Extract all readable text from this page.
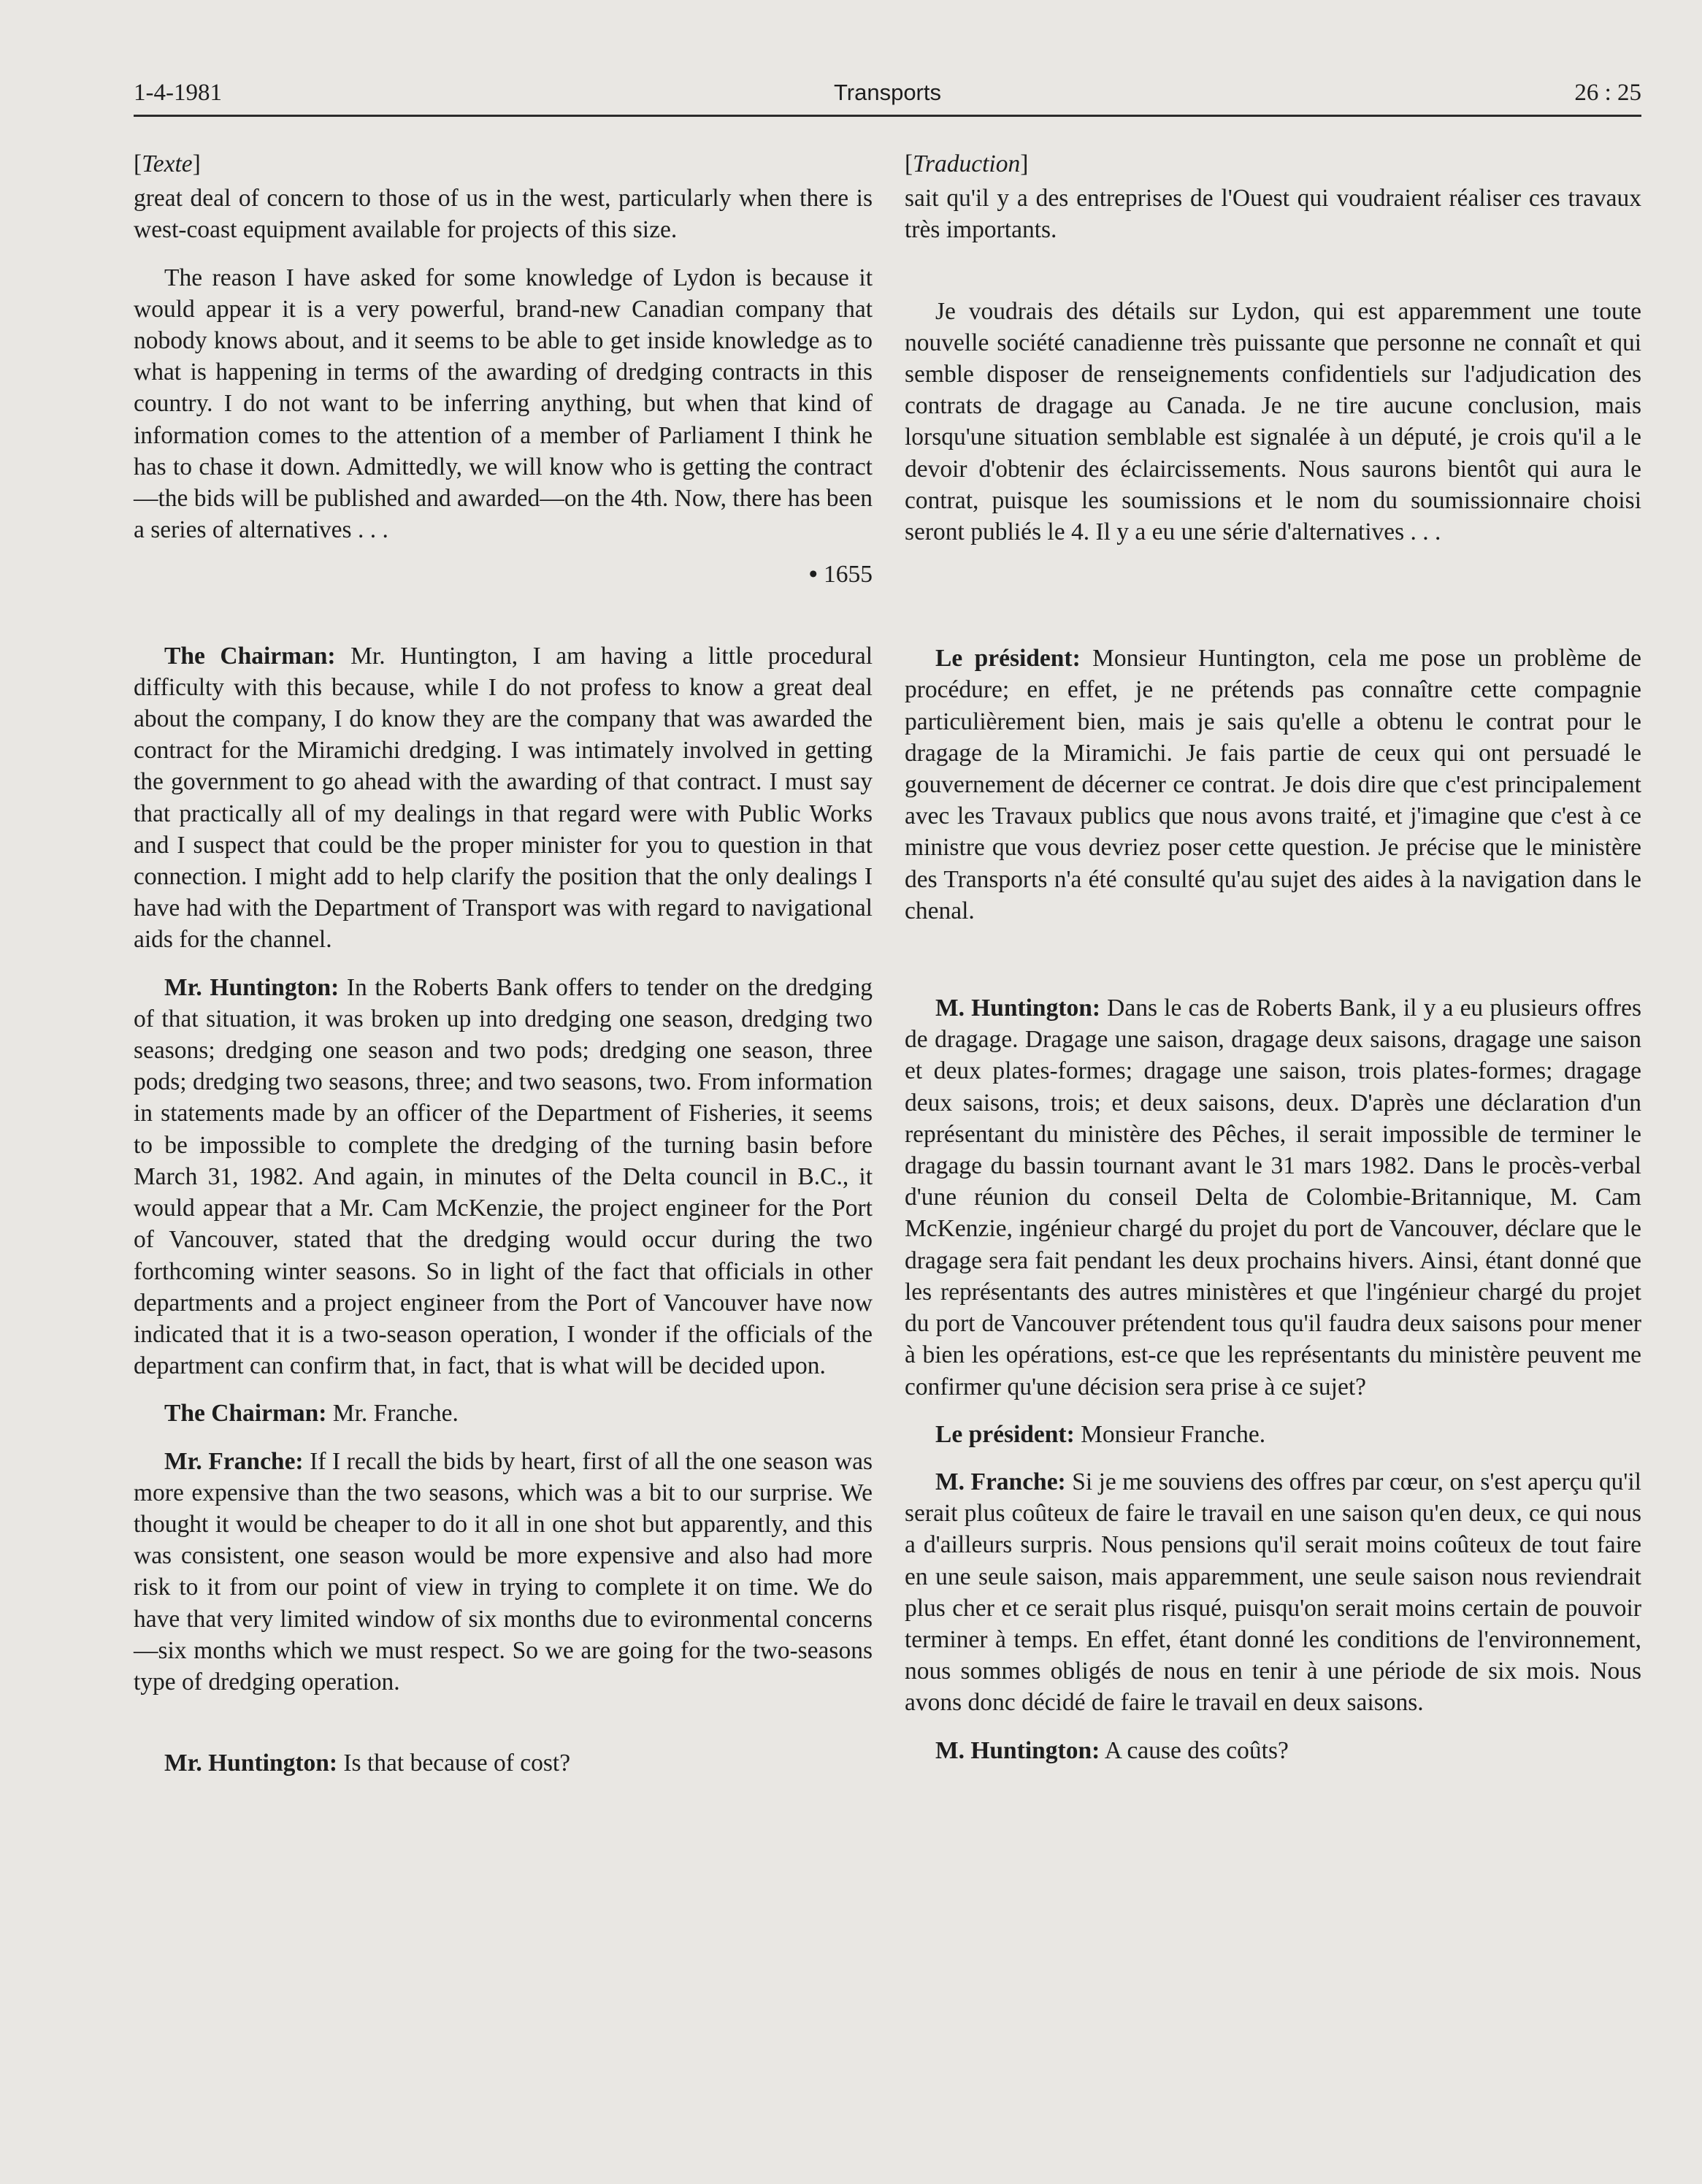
1-4-1981	Transports	26 : 25
[ Texte ]

great deal of concern to those of us in the west, particularly when there is west-coast equipment available for projects of this size.

The reason I have asked for some knowledge of Lydon is because it would appear it is a very powerful, brand-new Canadian company that nobody knows about, and it seems to be able to get inside knowledge as to what is happening in terms of the awarding of dredging contracts in this country. I do not want to be inferring anything, but when that kind of information comes to the attention of a member of Parliament I think he has to chase it down. Admittedly, we will know who is getting the contract—the bids will be published and awarded—on the 4th. Now, there has been a series of alternatives . . .

• 1655

The Chairman: Mr. Huntington, I am having a little procedural difficulty with this because, while I do not profess to know a great deal about the company, I do know they are the company that was awarded the contract for the Miramichi dredging. I was intimately involved in getting the government to go ahead with the awarding of that contract. I must say that practically all of my dealings in that regard were with Public Works and I suspect that could be the proper minister for you to question in that connection. I might add to help clarify the position that the only dealings I have had with the Department of Transport was with regard to navigational aids for the channel.

Mr. Huntington: In the Roberts Bank offers to tender on the dredging of that situation, it was broken up into dredging one season, dredging two seasons; dredging one season and two pods; dredging one season, three pods; dredging two seasons, three; and two seasons, two. From information in statements made by an officer of the Department of Fisheries, it seems to be impossible to complete the dredging of the turning basin before March 31, 1982. And again, in minutes of the Delta council in B.C., it would appear that a Mr. Cam McKenzie, the project engineer for the Port of Vancouver, stated that the dredging would occur during the two forthcoming winter seasons. So in light of the fact that officials in other departments and a project engineer from the Port of Vancouver have now indicated that it is a two-season operation, I wonder if the officials of the department can confirm that, in fact, that is what will be decided upon.

The Chairman: Mr. Franche.

Mr. Franche: If I recall the bids by heart, first of all the one season was more expensive than the two seasons, which was a bit to our surprise. We thought it would be cheaper to do it all in one shot but apparently, and this was consistent, one season would be more expensive and also had more risk to it from our point of view in trying to complete it on time. We do have that very limited window of six months due to evironmental concerns—six months which we must respect. So we are going for the two-seasons type of dredging operation.

Mr. Huntington: Is that because of cost?

[ Traduction ]

sait qu'il y a des entreprises de l'Ouest qui voudraient réaliser ces travaux très importants.

Je voudrais des détails sur Lydon, qui est apparemment une toute nouvelle société canadienne très puissante que personne ne connaît et qui semble disposer de renseignements confidentiels sur l'adjudication des contrats de dragage au Canada. Je ne tire aucune conclusion, mais lorsqu'une situation semblable est signalée à un député, je crois qu'il a le devoir d'obtenir des éclaircissements. Nous saurons bientôt qui aura le contrat, puisque les soumissions et le nom du soumissionnaire choisi seront publiés le 4. Il y a eu une série d'alternatives . . .

Le président: Monsieur Huntington, cela me pose un problème de procédure; en effet, je ne prétends pas connaître cette compagnie particulièrement bien, mais je sais qu'elle a obtenu le contrat pour le dragage de la Miramichi. Je fais partie de ceux qui ont persuadé le gouvernement de décerner ce contrat. Je dois dire que c'est principalement avec les Travaux publics que nous avons traité, et j'imagine que c'est à ce ministre que vous devriez poser cette question. Je précise que le ministère des Transports n'a été consulté qu'au sujet des aides à la navigation dans le chenal.

M. Huntington: Dans le cas de Roberts Bank, il y a eu plusieurs offres de dragage. Dragage une saison, dragage deux saisons, dragage une saison et deux plates-formes; dragage une saison, trois plates-formes; dragage deux saisons, trois; et deux saisons, deux. D'après une déclaration d'un représentant du ministère des Pêches, il serait impossible de terminer le dragage du bassin tournant avant le 31 mars 1982. Dans le procès-verbal d'une réunion du conseil Delta de Colombie-Britannique, M. Cam McKenzie, ingénieur chargé du projet du port de Vancouver, déclare que le dragage sera fait pendant les deux prochains hivers. Ainsi, étant donné que les représentants des autres ministères et que l'ingénieur chargé du projet du port de Vancouver prétendent tous qu'il faudra deux saisons pour mener à bien les opérations, est-ce que les représentants du ministère peuvent me confirmer qu'une décision sera prise à ce sujet?

Le président: Monsieur Franche.

M. Franche: Si je me souviens des offres par cœur, on s'est aperçu qu'il serait plus coûteux de faire le travail en une saison qu'en deux, ce qui nous a d'ailleurs surpris. Nous pensions qu'il serait moins coûteux de tout faire en une seule saison, mais apparemment, une seule saison nous reviendrait plus cher et ce serait plus risqué, puisqu'on serait moins certain de pouvoir terminer à temps. En effet, étant donné les conditions de l'environnement, nous sommes obligés de nous en tenir à une période de six mois. Nous avons donc décidé de faire le travail en deux saisons.

M. Huntington: A cause des coûts?
